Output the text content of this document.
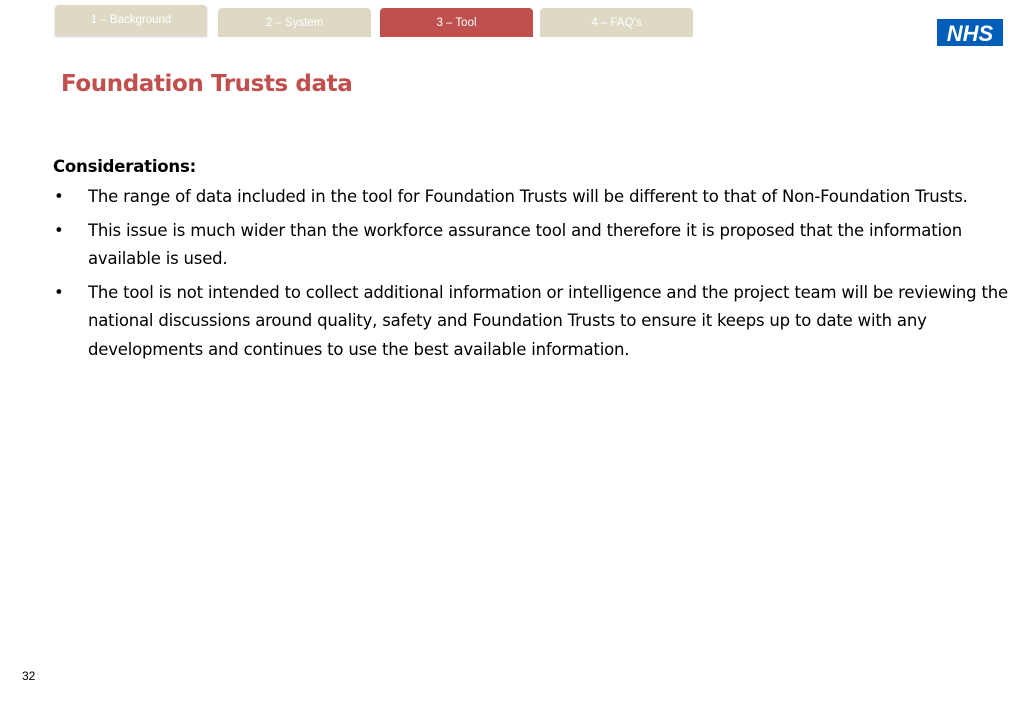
1 – Background	2 – System	3 – Tool	4 – FAQ’s	NHS
Foundation Trusts data
Considerations:
• The range of data included in the tool for Foundation Trusts will be different to that of Non-Foundation Trusts.
• This issue is much wider than the workforce assurance tool and therefore it is proposed that the information available is used.
• The tool is not intended to collect additional information or intelligence and the project team will be reviewing the national discussions around quality, safety and Foundation Trusts to ensure it keeps up to date with any developments and continues to use the best available information.
32
